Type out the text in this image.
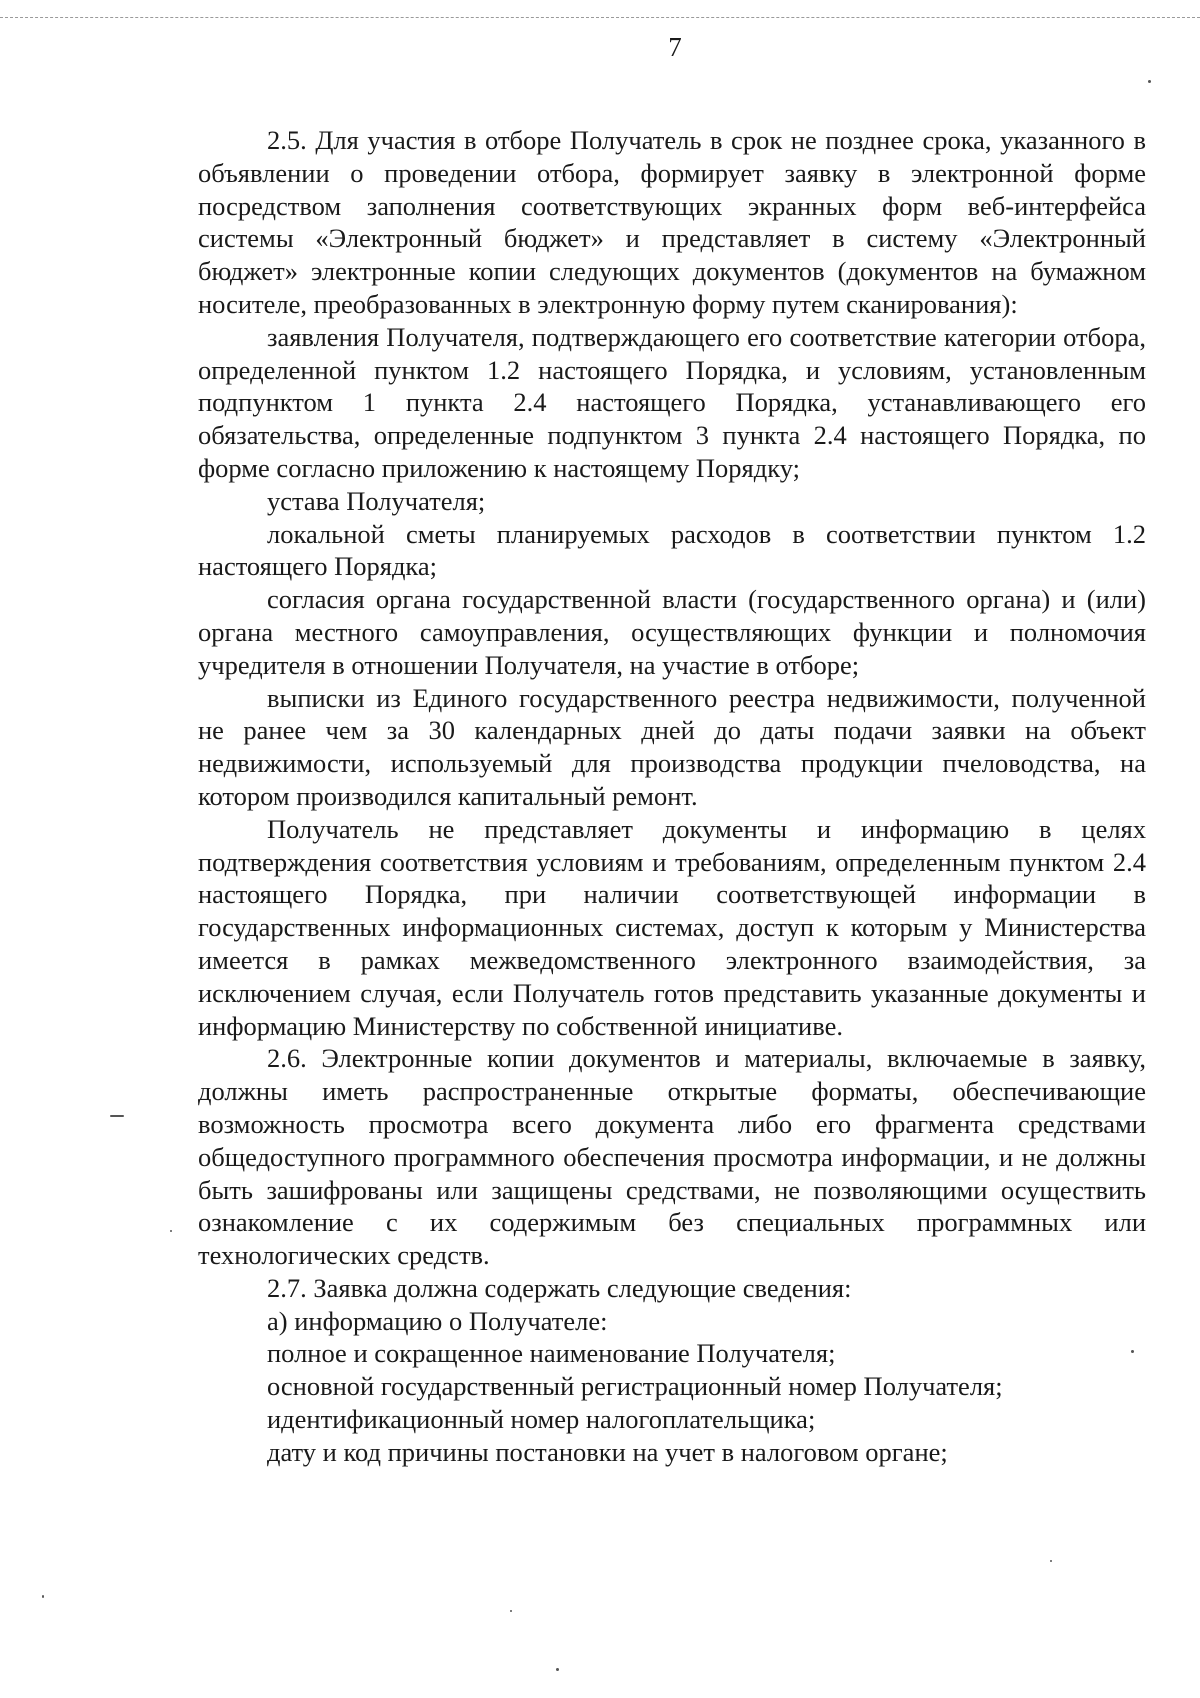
7

2.5. Для участия в отборе Получатель в срок не позднее срока, указанного в объявлении о проведении отбора, формирует заявку в электронной форме посредством заполнения соответствующих экранных форм веб-интерфейса системы «Электронный бюджет» и представляет в систему «Электронный бюджет» электронные копии следующих документов (документов на бумажном носителе, преобразованных в электронную форму путем сканирования):

заявления Получателя, подтверждающего его соответствие категории отбора, определенной пунктом 1.2 настоящего Порядка, и условиям, установленным подпунктом 1 пункта 2.4 настоящего Порядка, устанавливающего его обязательства, определенные подпунктом 3 пункта 2.4 настоящего Порядка, по форме согласно приложению к настоящему Порядку;

устава Получателя;

локальной сметы планируемых расходов в соответствии пунктом 1.2 настоящего Порядка;

согласия органа государственной власти (государственного органа) и (или) органа местного самоуправления, осуществляющих функции и полномочия учредителя в отношении Получателя, на участие в отборе;

выписки из Единого государственного реестра недвижимости, полученной не ранее чем за 30 календарных дней до даты подачи заявки на объект недвижимости, используемый для производства продукции пчеловодства, на котором производился капитальный ремонт.

Получатель не представляет документы и информацию в целях подтверждения соответствия условиям и требованиям, определенным пунктом 2.4 настоящего Порядка, при наличии соответствующей информации в государственных информационных системах, доступ к которым у Министерства имеется в рамках межведомственного электронного взаимодействия, за исключением случая, если Получатель готов представить указанные документы и информацию Министерству по собственной инициативе.

2.6. Электронные копии документов и материалы, включаемые в заявку, должны иметь распространенные открытые форматы, обеспечивающие возможность просмотра всего документа либо его фрагмента средствами общедоступного программного обеспечения просмотра информации, и не должны быть зашифрованы или защищены средствами, не позволяющими осуществить ознакомление с их содержимым без специальных программных или технологических средств.

2.7. Заявка должна содержать следующие сведения:

а) информацию о Получателе:

полное и сокращенное наименование Получателя;

основной государственный регистрационный номер Получателя;

идентификационный номер налогоплательщика;

дату и код причины постановки на учет в налоговом органе;
